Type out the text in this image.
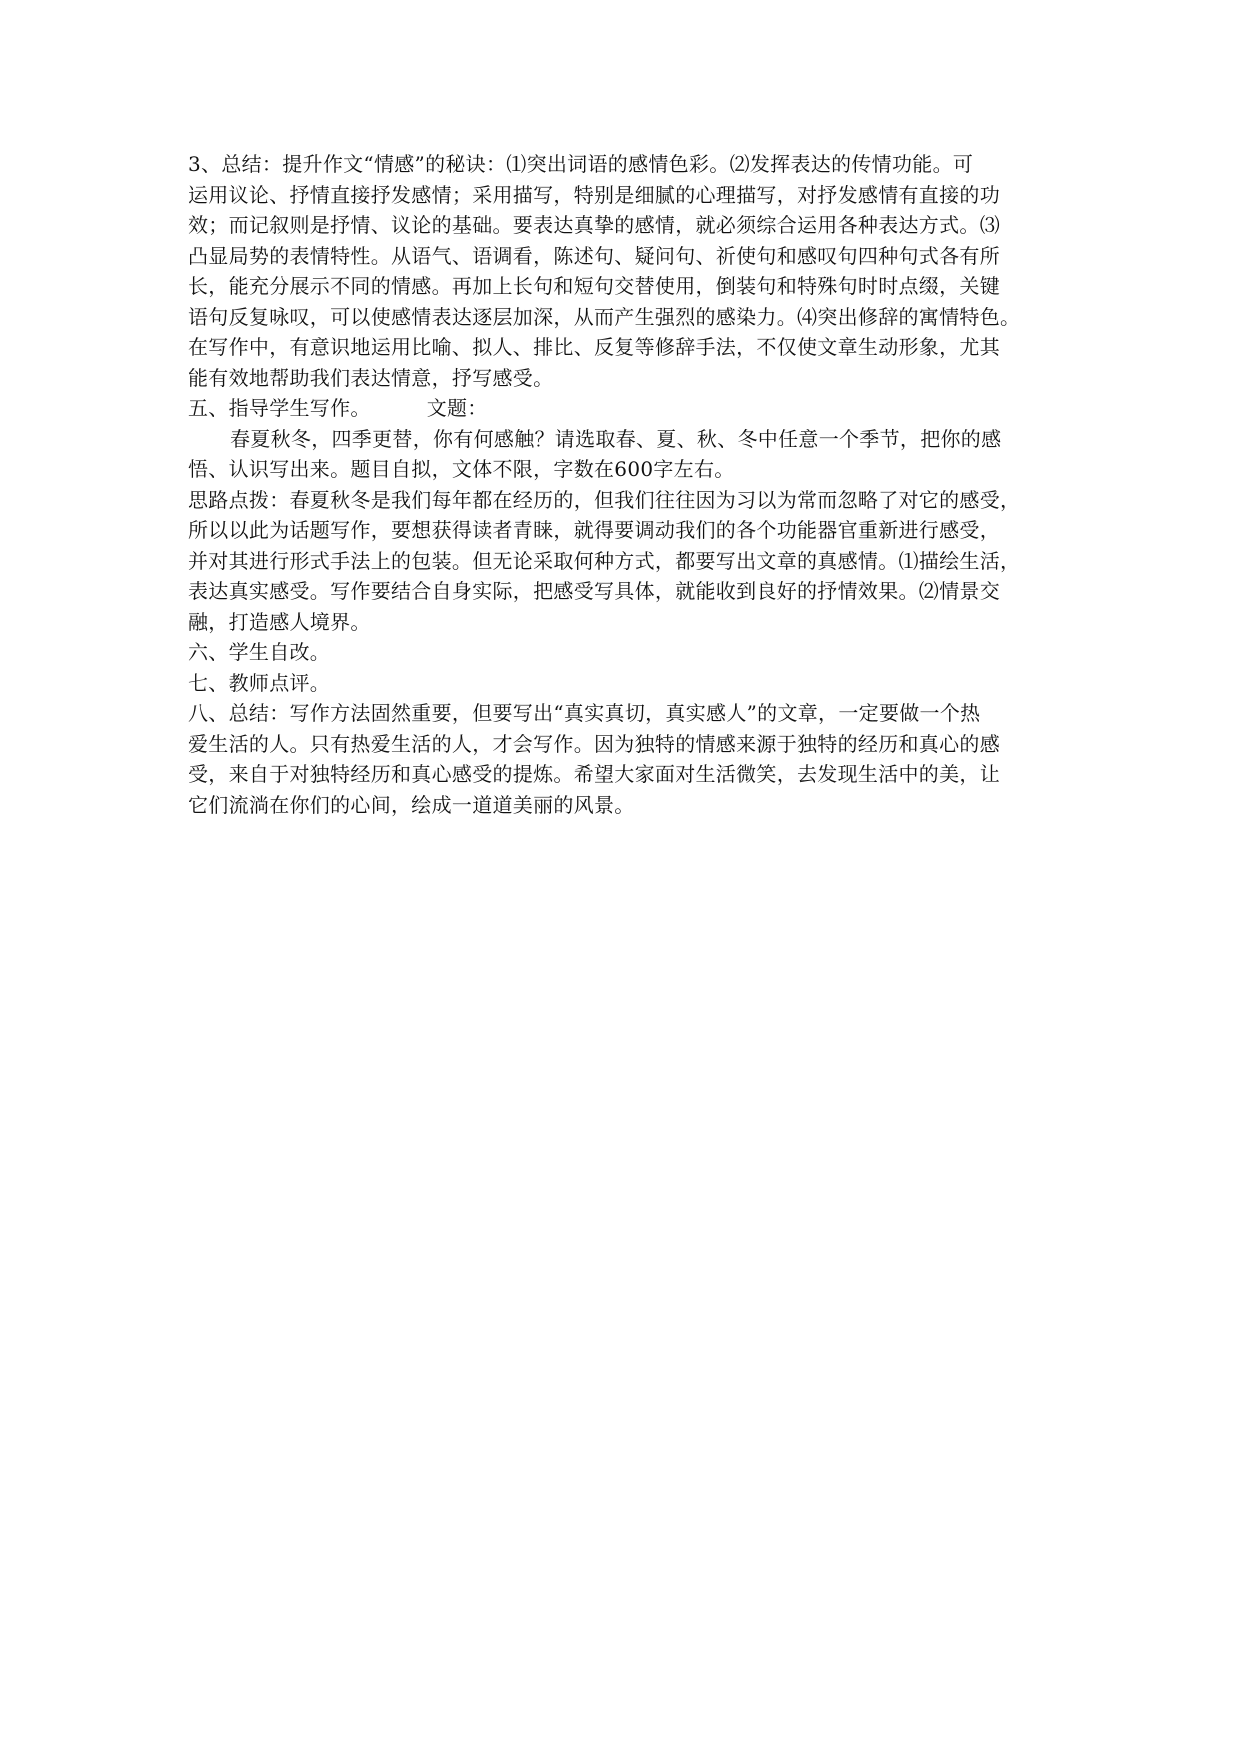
3、总结：提升作文“情感”的秘诀：⑴突出词语的感情色彩。⑵发挥表达的传情功能。可
运用议论、抒情直接抒发感情；采用描写，特别是细腻的心理描写，对抒发感情有直接的功
效；而记叙则是抒情、议论的基础。要表达真挚的感情，就必须综合运用各种表达方式。⑶
凸显局势的表情特性。从语气、语调看，陈述句、疑问句、祈使句和感叹句四种句式各有所
长，能充分展示不同的情感。再加上长句和短句交替使用，倒装句和特殊句时时点缀，关键
语句反复咏叹，可以使感情表达逐层加深，从而产生强烈的感染力。⑷突出修辞的寓情特色。
在写作中，有意识地运用比喻、拟人、排比、反复等修辞手法，不仅使文章生动形象，尤其
能有效地帮助我们表达情意，抒写感受。
五、指导学生写作。	文题：
春夏秋冬，四季更替，你有何感触？请选取春、夏、秋、冬中任意一个季节，把你的感
悟、认识写出来。题目自拟，文体不限，字数在600字左右。
思路点拨：春夏秋冬是我们每年都在经历的，但我们往往因为习以为常而忽略了对它的感受，
所以以此为话题写作，要想获得读者青睐，就得要调动我们的各个功能器官重新进行感受，
并对其进行形式手法上的包装。但无论采取何种方式，都要写出文章的真感情。⑴描绘生活，
表达真实感受。写作要结合自身实际，把感受写具体，就能收到良好的抒情效果。⑵情景交
融，打造感人境界。
六、学生自改。
七、教师点评。
八、总结：写作方法固然重要，但要写出“真实真切，真实感人”的文章，一定要做一个热
爱生活的人。只有热爱生活的人，才会写作。因为独特的情感来源于独特的经历和真心的感
受，来自于对独特经历和真心感受的提炼。希望大家面对生活微笑，去发现生活中的美，让
它们流淌在你们的心间，绘成一道道美丽的风景。
